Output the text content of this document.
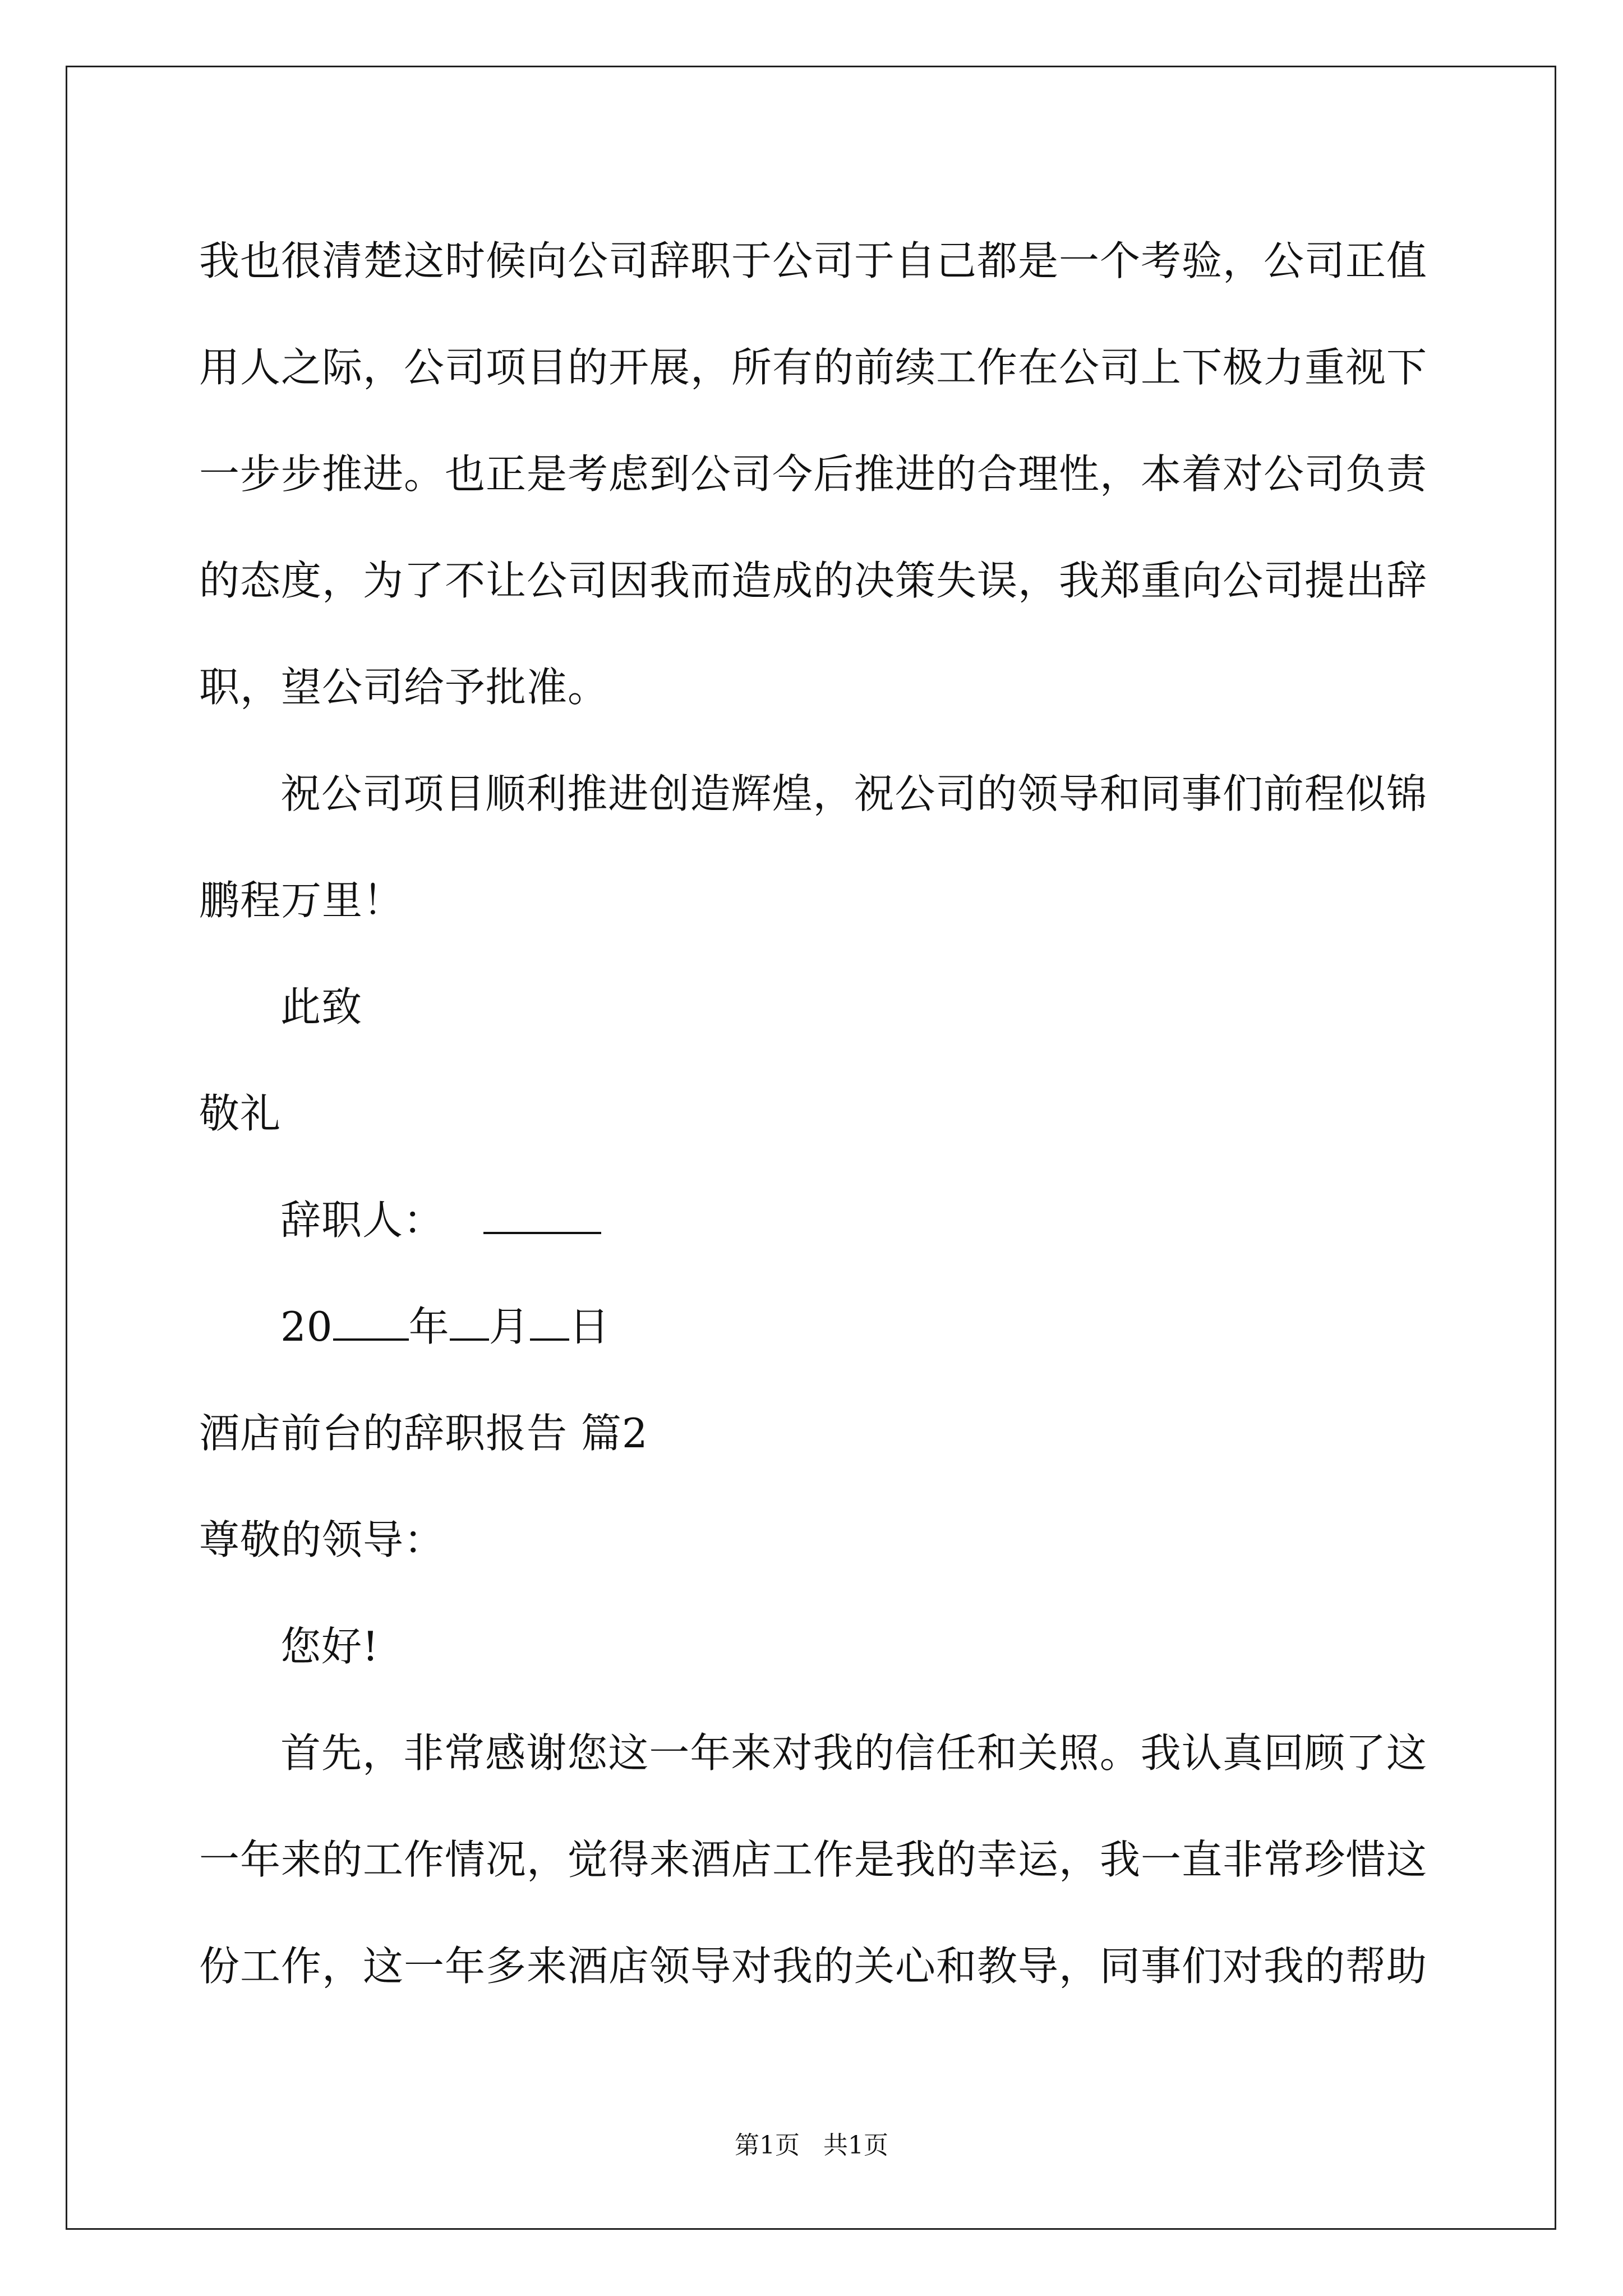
我也很清楚这时候向公司辞职于公司于自己都是一个考验，公司正值
用人之际，公司项目的开展，所有的前续工作在公司上下极力重视下
一步步推进。也正是考虑到公司今后推进的合理性，本着对公司负责
的态度，为了不让公司因我而造成的决策失误，我郑重向公司提出辞
职，望公司给予批准。
祝公司项目顺利推进创造辉煌，祝公司的领导和同事们前程似锦
鹏程万里！
此致
敬礼
辞职人：
20 年 月 日
酒店前台的辞职报告 篇2
尊敬的领导：
您好!
首先，非常感谢您这一年来对我的信任和关照。我认真回顾了这
一年来的工作情况，觉得来酒店工作是我的幸运，我一直非常珍惜这
份工作，这一年多来酒店领导对我的关心和教导，同事们对我的帮助
第1页 共1页
